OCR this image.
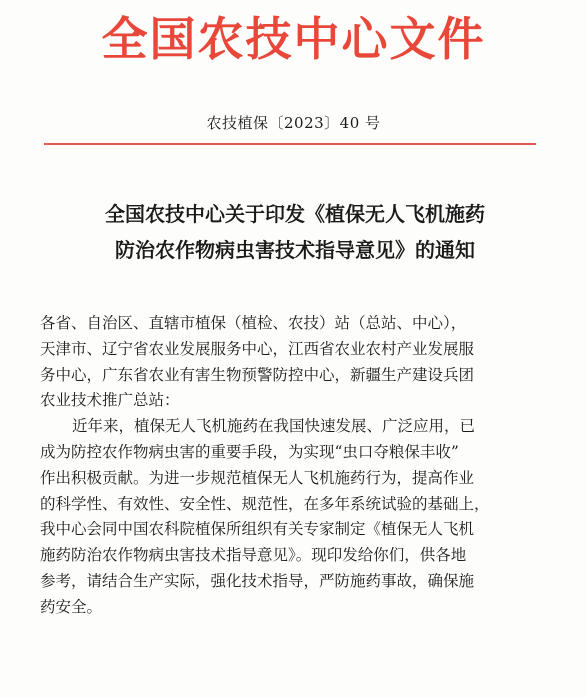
全国农技中心文件
农技植保〔2023〕40 号
全国农技中心关于印发《植保无人飞机施药
防治农作物病虫害技术指导意见》的通知
各省、自治区、直辖市植保（植检、农技）站（总站、中心），
天津市、辽宁省农业发展服务中心，江西省农业农村产业发展服
务中心，广东省农业有害生物预警防控中心，新疆生产建设兵团
农业技术推广总站：
近年来，植保无人飞机施药在我国快速发展、广泛应用，已
成为防控农作物病虫害的重要手段，为实现“虫口夺粮保丰收”
作出积极贡献。为进一步规范植保无人飞机施药行为，提高作业
的科学性、有效性、安全性、规范性，在多年系统试验的基础上，
我中心会同中国农科院植保所组织有关专家制定《植保无人飞机
施药防治农作物病虫害技术指导意见》。现印发给你们，供各地
参考，请结合生产实际，强化技术指导，严防施药事故，确保施
药安全。
